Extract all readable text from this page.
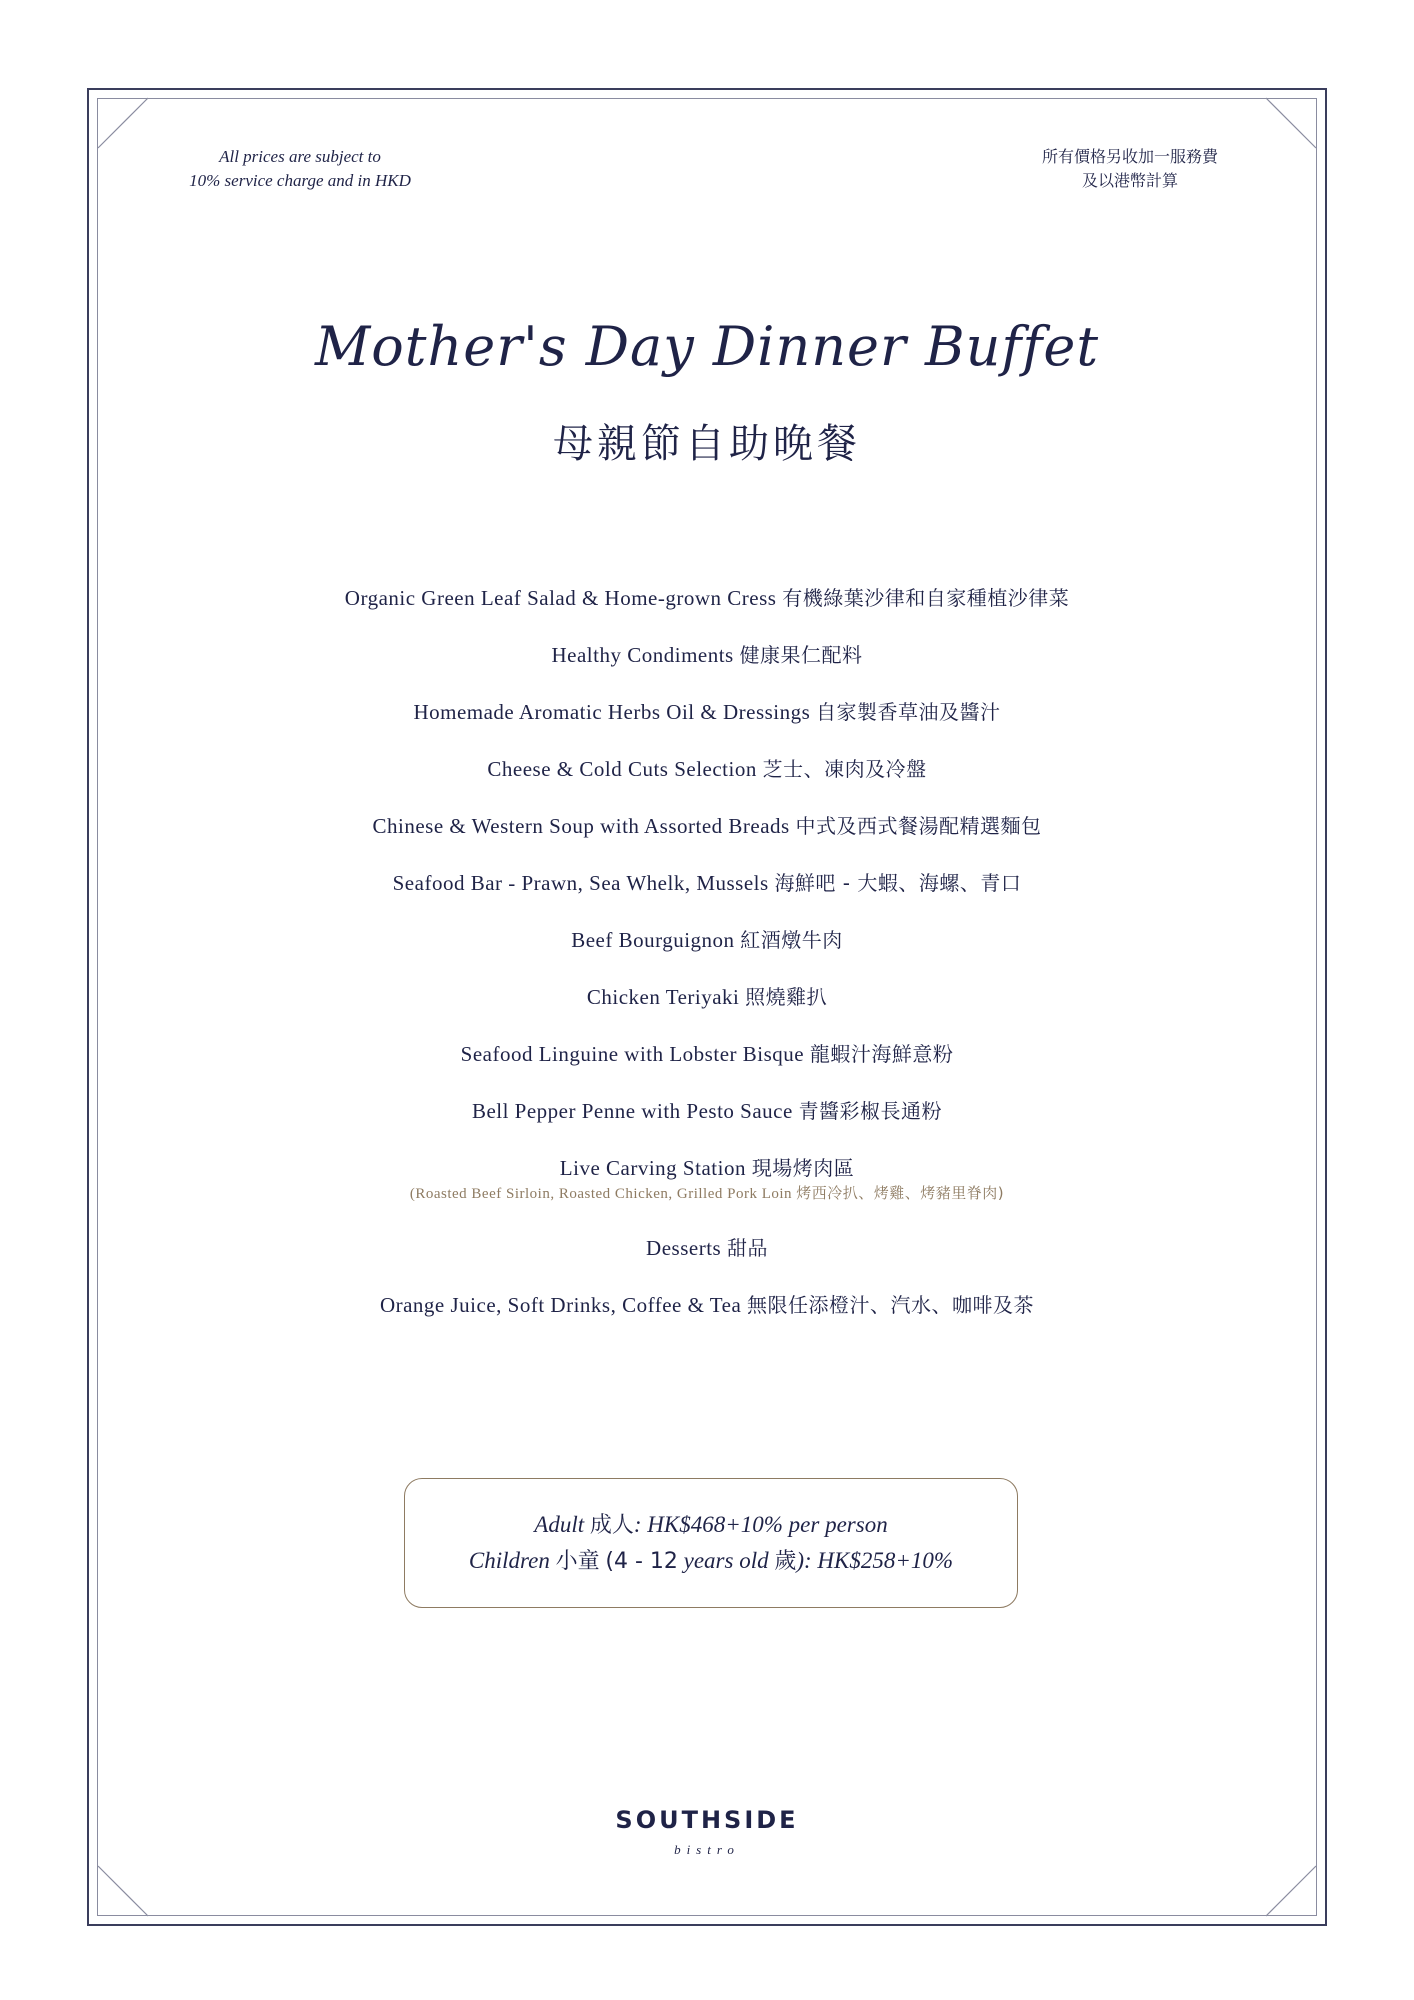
All prices are subject to
10% service charge and in HKD
所有價格另收加一服務費
及以港幣計算
Mother's Day Dinner Buffet
母親節自助晚餐
Organic Green Leaf Salad & Home-grown Cress 有機綠葉沙律和自家種植沙律菜
Healthy Condiments 健康果仁配料
Homemade Aromatic Herbs Oil & Dressings 自家製香草油及醬汁
Cheese & Cold Cuts Selection 芝士、凍肉及冷盤
Chinese & Western Soup with Assorted Breads 中式及西式餐湯配精選麵包
Seafood Bar - Prawn, Sea Whelk, Mussels 海鮮吧 - 大蝦、海螺、青口
Beef Bourguignon 紅酒燉牛肉
Chicken Teriyaki 照燒雞扒
Seafood Linguine with Lobster Bisque 龍蝦汁海鮮意粉
Bell Pepper Penne with Pesto Sauce 青醬彩椒長通粉
Live Carving Station 現場烤肉區
(Roasted Beef Sirloin, Roasted Chicken, Grilled Pork Loin 烤西冷扒、烤雞、烤豬里脊肉)
Desserts 甜品
Orange Juice, Soft Drinks, Coffee & Tea 無限任添橙汁、汽水、咖啡及茶
Adult 成人: HK$468+10% per person
Children 小童 (4 - 12 years old 歲): HK$258+10%
SOUTHSIDE
bistro
